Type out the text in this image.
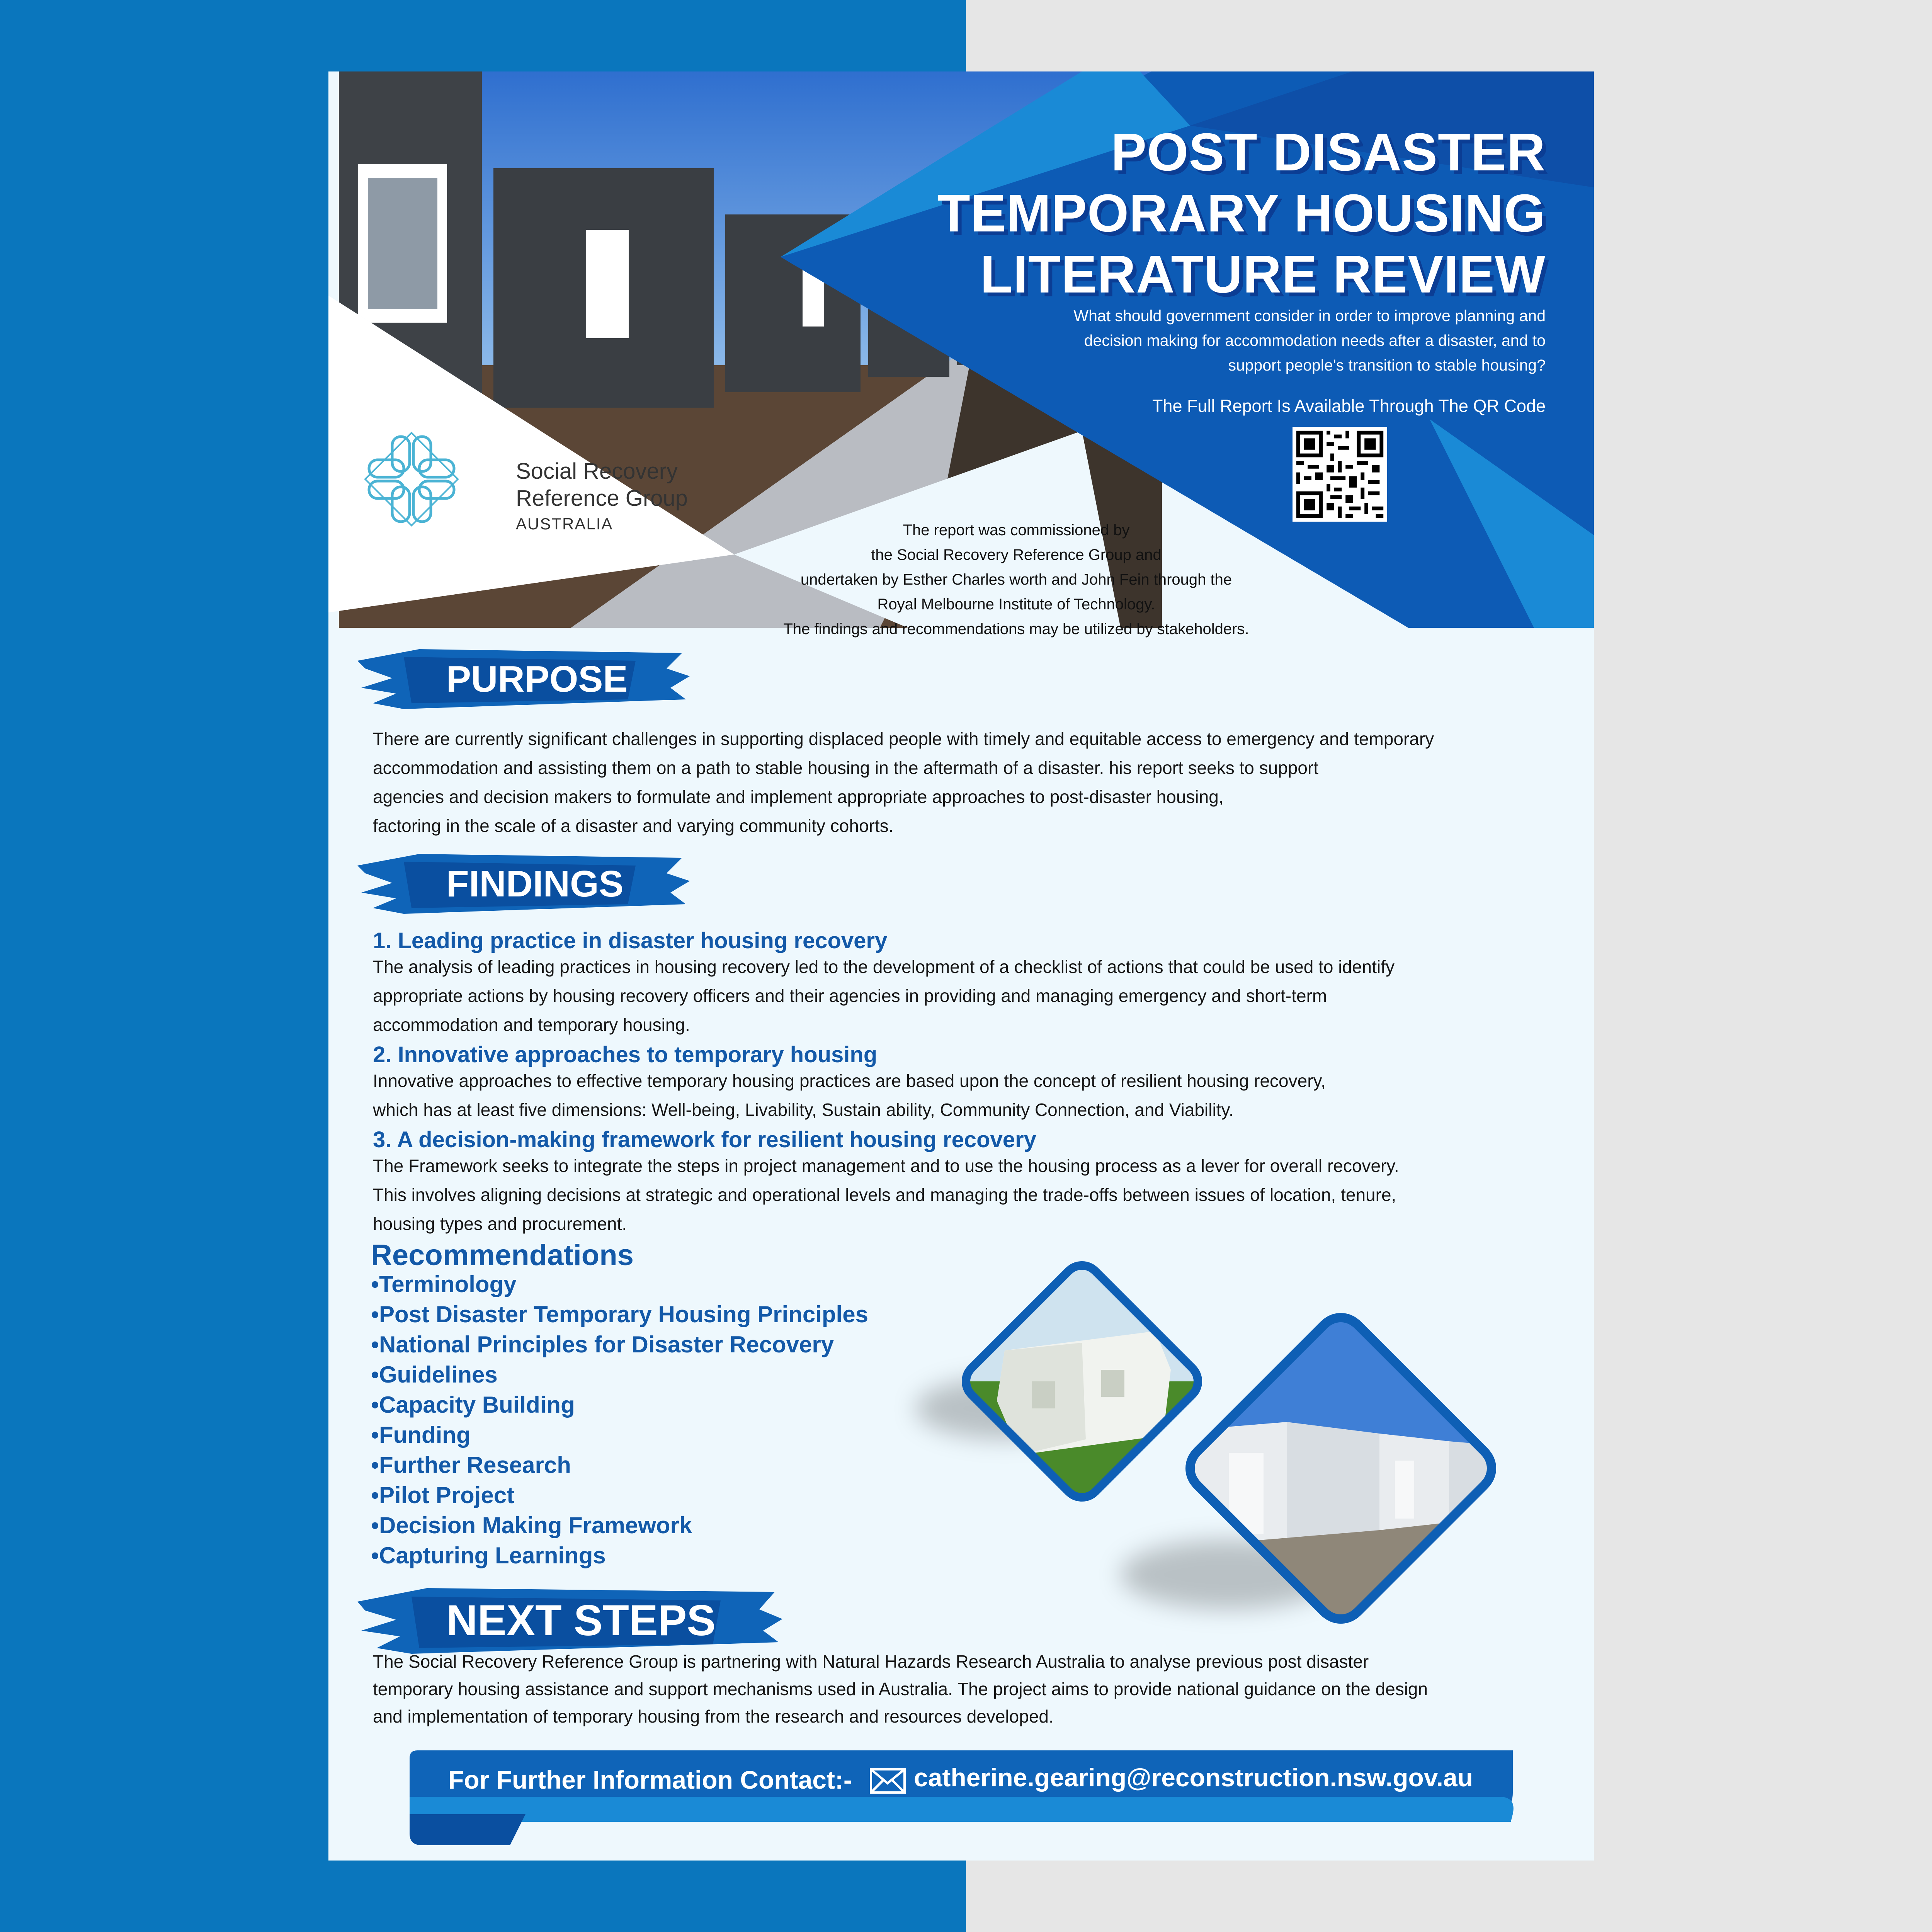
POST DISASTER
TEMPORARY HOUSING
LITERATURE REVIEW
What should government consider in order to improve planning and
decision making for accommodation needs after a disaster, and to
support people's transition to stable housing?
The Full Report Is Available Through The QR Code
Social Recovery
Reference Group
AUSTRALIA	The report was commissioned by
the Social Recovery Reference Group and
undertaken by Esther Charles worth and John Fein through the
Royal Melbourne Institute of Technology.
The findings and recommendations may be utilized by stakeholders.
PURPOSE
There are currently significant challenges in supporting displaced people with timely and equitable access to emergency and temporary
accommodation and assisting them on a path to stable housing in the aftermath of a disaster. his report seeks to support
agencies and decision makers to formulate and implement appropriate approaches to post-disaster housing,
factoring in the scale of a disaster and varying community cohorts.
FINDINGS
1. Leading practice in disaster housing recovery
The analysis of leading practices in housing recovery led to the development of a checklist of actions that could be used to identify
appropriate actions by housing recovery officers and their agencies in providing and managing emergency and short-term
accommodation and temporary housing.
2. Innovative approaches to temporary housing
Innovative approaches to effective temporary housing practices are based upon the concept of resilient housing recovery,
which has at least five dimensions: Well-being, Livability, Sustain ability, Community Connection, and Viability.
3. A decision-making framework for resilient housing recovery
The Framework seeks to integrate the steps in project management and to use the housing process as a lever for overall recovery.
This involves aligning decisions at strategic and operational levels and managing the trade-offs between issues of location, tenure,
housing types and procurement.
Recommendations
•Terminology
•Post Disaster Temporary Housing Principles
•National Principles for Disaster Recovery
•Guidelines
•Capacity Building
•Funding
•Further Research
•Pilot Project
•Decision Making Framework
•Capturing Learnings
NEXT STEPS
The Social Recovery Reference Group is partnering with Natural Hazards Research Australia to analyse previous post disaster
temporary housing assistance and support mechanisms used in Australia. The project aims to provide national guidance on the design
and implementation of temporary housing from the research and resources developed.
For Further Information Contact:- catherine.gearing@reconstruction.nsw.gov.au
